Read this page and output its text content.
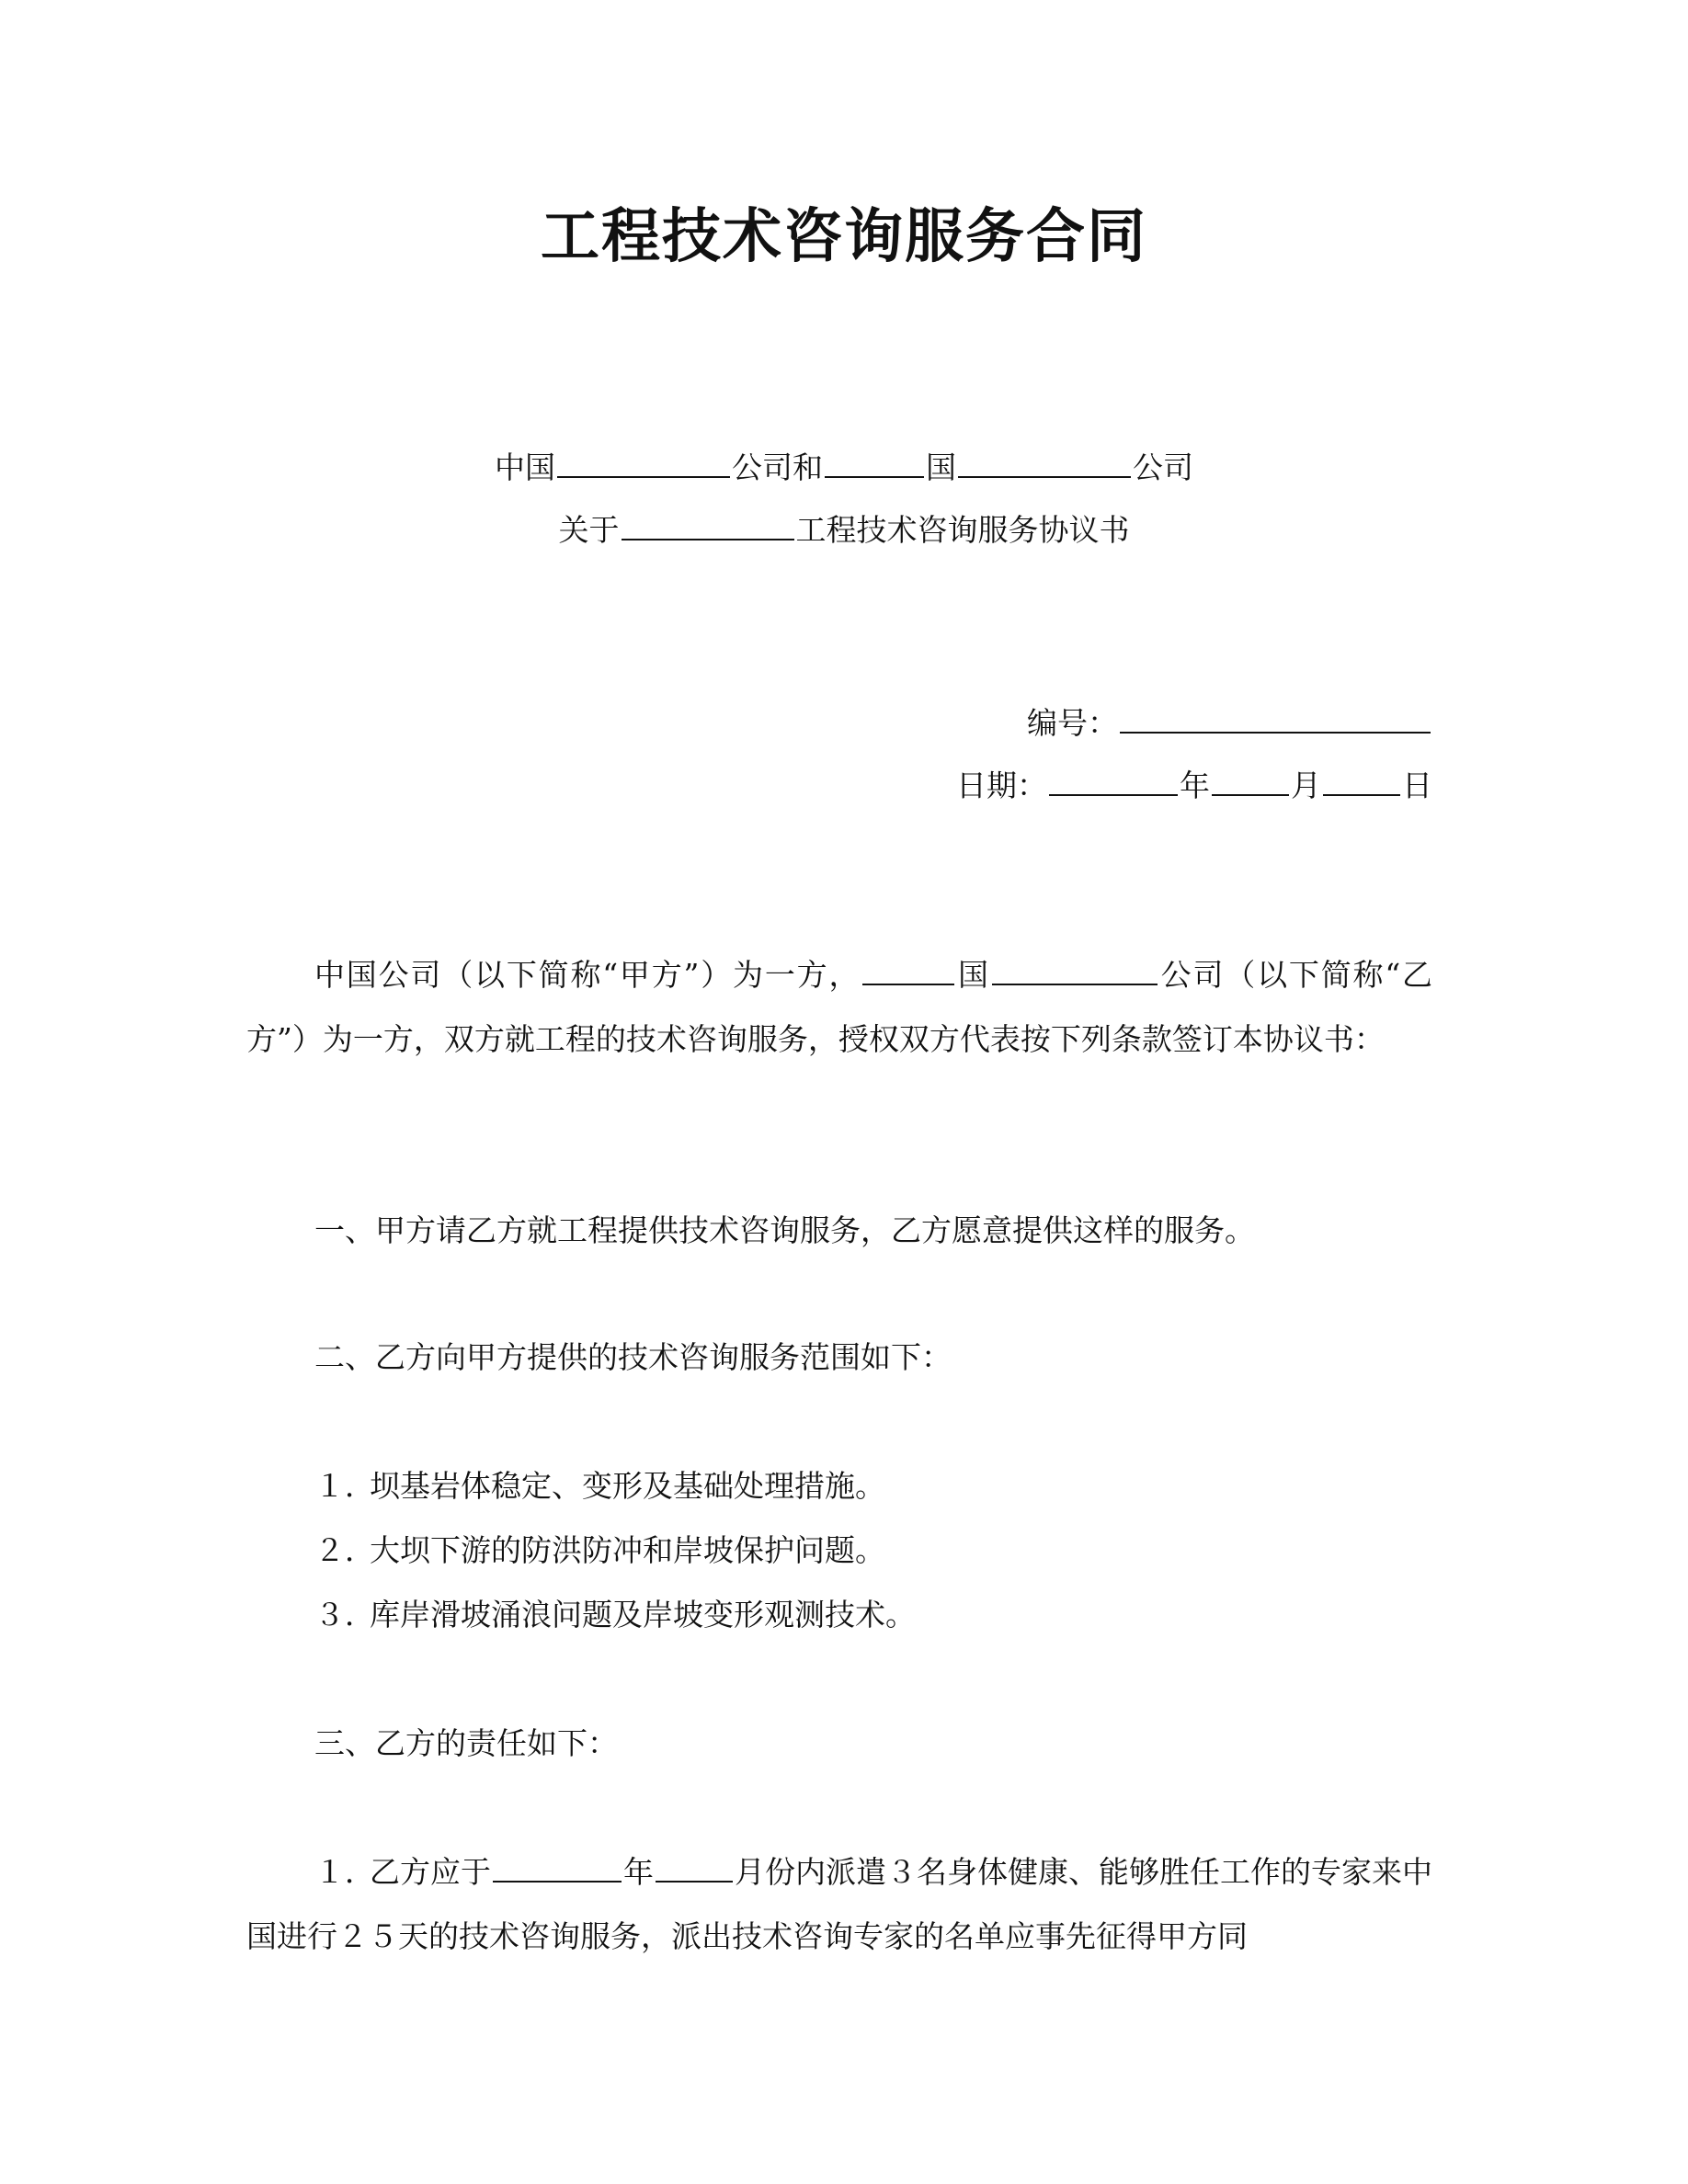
工程技术咨询服务合同
中国	公司和	国	公司
关于	工程技术咨询服务协议书
编号：
日期：	年	月	日
中国公司（以下简称“甲方”）为一方，	国	公司（以下简称“乙方”）为一方，双方就工程的技术咨询服务，授权双方代表按下列条款签订本协议书：
一、甲方请乙方就工程提供技术咨询服务，乙方愿意提供这样的服务。
二、乙方向甲方提供的技术咨询服务范围如下：
１．坝基岩体稳定、变形及基础处理措施。
２．大坝下游的防洪防冲和岸坡保护问题。
３．库岸滑坡涌浪问题及岸坡变形观测技术。
三、乙方的责任如下：
１．乙方应于	年	月份内派遣３名身体健康、能够胜任工作的专家来中国进行２５天的技术咨询服务，派出技术咨询专家的名单应事先征得甲方同
